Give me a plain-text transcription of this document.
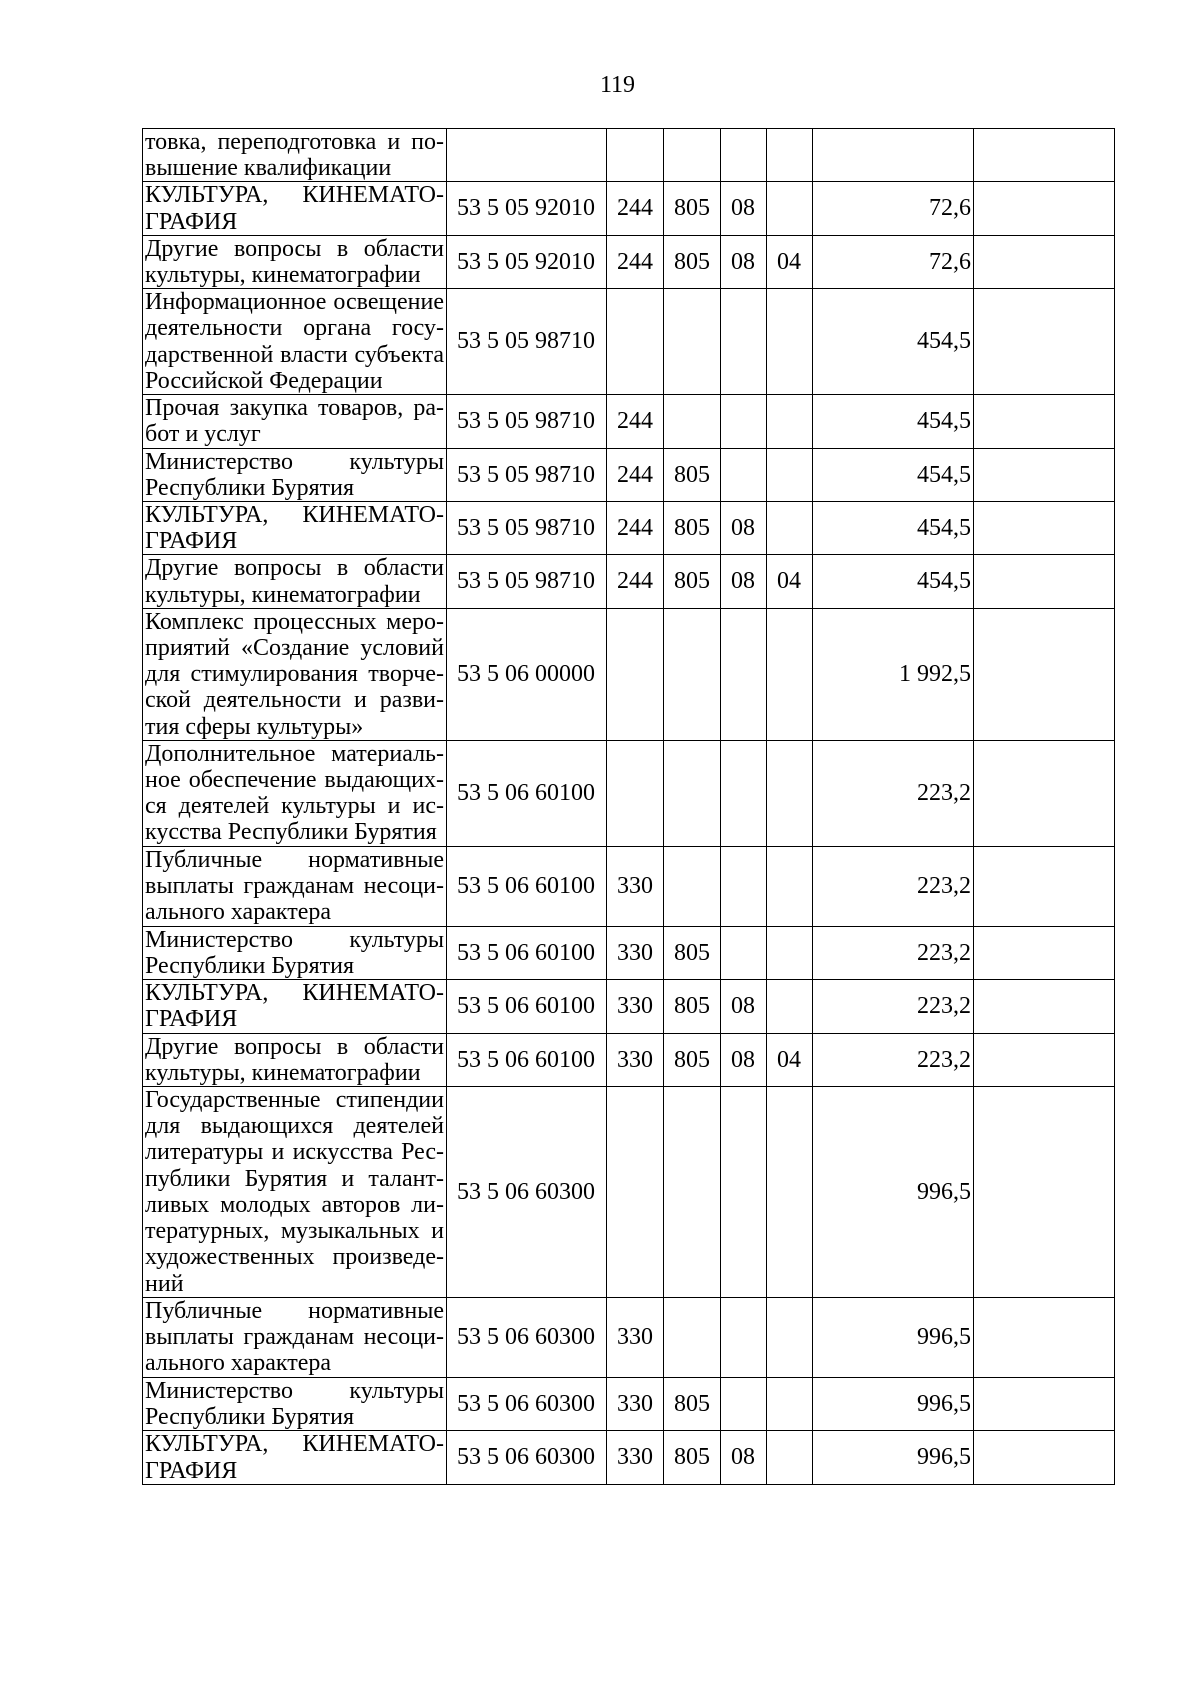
119
товка, переподготовка и повышение квалификации							
КУЛЬТУРА, КИНЕМАТОГРАФИЯ	53 5 05 92010	244	805	08		72,6	
Другие вопросы в области культуры, кинематографии	53 5 05 92010	244	805	08	04	72,6	
Информационное освещение деятельности органа государственной власти субъекта Российской Федерации	53 5 05 98710					454,5	
Прочая закупка товаров, работ и услуг	53 5 05 98710	244				454,5	
Министерство культуры Республики Бурятия	53 5 05 98710	244	805			454,5	
КУЛЬТУРА, КИНЕМАТОГРАФИЯ	53 5 05 98710	244	805	08		454,5	
Другие вопросы в области культуры, кинематографии	53 5 05 98710	244	805	08	04	454,5	
Комплекс процессных мероприятий «Создание условий для стимулирования творческой деятельности и развития сферы культуры»	53 5 06 00000					1 992,5	
Дополнительное материальное обеспечение выдающихся деятелей культуры и искусства Республики Бурятия	53 5 06 60100					223,2	
Публичные нормативные выплаты гражданам несоциального характера	53 5 06 60100	330				223,2	
Министерство культуры Республики Бурятия	53 5 06 60100	330	805			223,2	
КУЛЬТУРА, КИНЕМАТОГРАФИЯ	53 5 06 60100	330	805	08		223,2	
Другие вопросы в области культуры, кинематографии	53 5 06 60100	330	805	08	04	223,2	
Государственные стипендии для выдающихся деятелей литературы и искусства Республики Бурятия и талантливых молодых авторов литературных, музыкальных и художественных произведений	53 5 06 60300					996,5	
Публичные нормативные выплаты гражданам несоциального характера	53 5 06 60300	330				996,5	
Министерство культуры Республики Бурятия	53 5 06 60300	330	805			996,5	
КУЛЬТУРА, КИНЕМАТОГРАФИЯ	53 5 06 60300	330	805	08		996,5	
